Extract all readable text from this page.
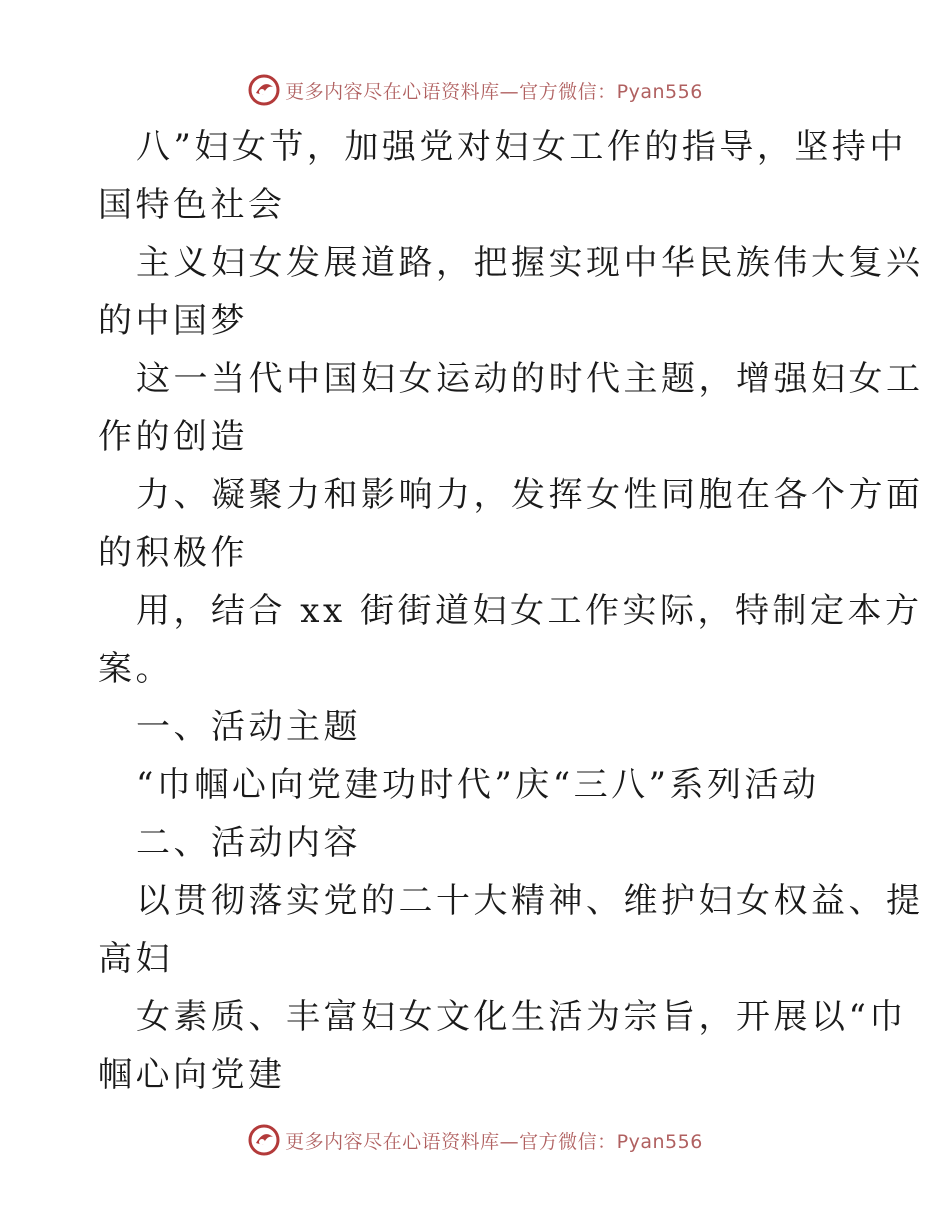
更多内容尽在心语资料库—官方微信：Pyan556
八”妇女节，加强党对妇女工作的指导，坚持中
国特色社会
主义妇女发展道路，把握实现中华民族伟大复兴
的中国梦
这一当代中国妇女运动的时代主题，增强妇女工
作的创造
力、凝聚力和影响力，发挥女性同胞在各个方面
的积极作
用，结合 xx 街街道妇女工作实际，特制定本方
案。
一、活动主题
“巾帼心向党建功时代”庆“三八”系列活动
二、活动内容
以贯彻落实党的二十大精神、维护妇女权益、提
高妇
女素质、丰富妇女文化生活为宗旨，开展以“巾
帼心向党建
更多内容尽在心语资料库—官方微信：Pyan556
